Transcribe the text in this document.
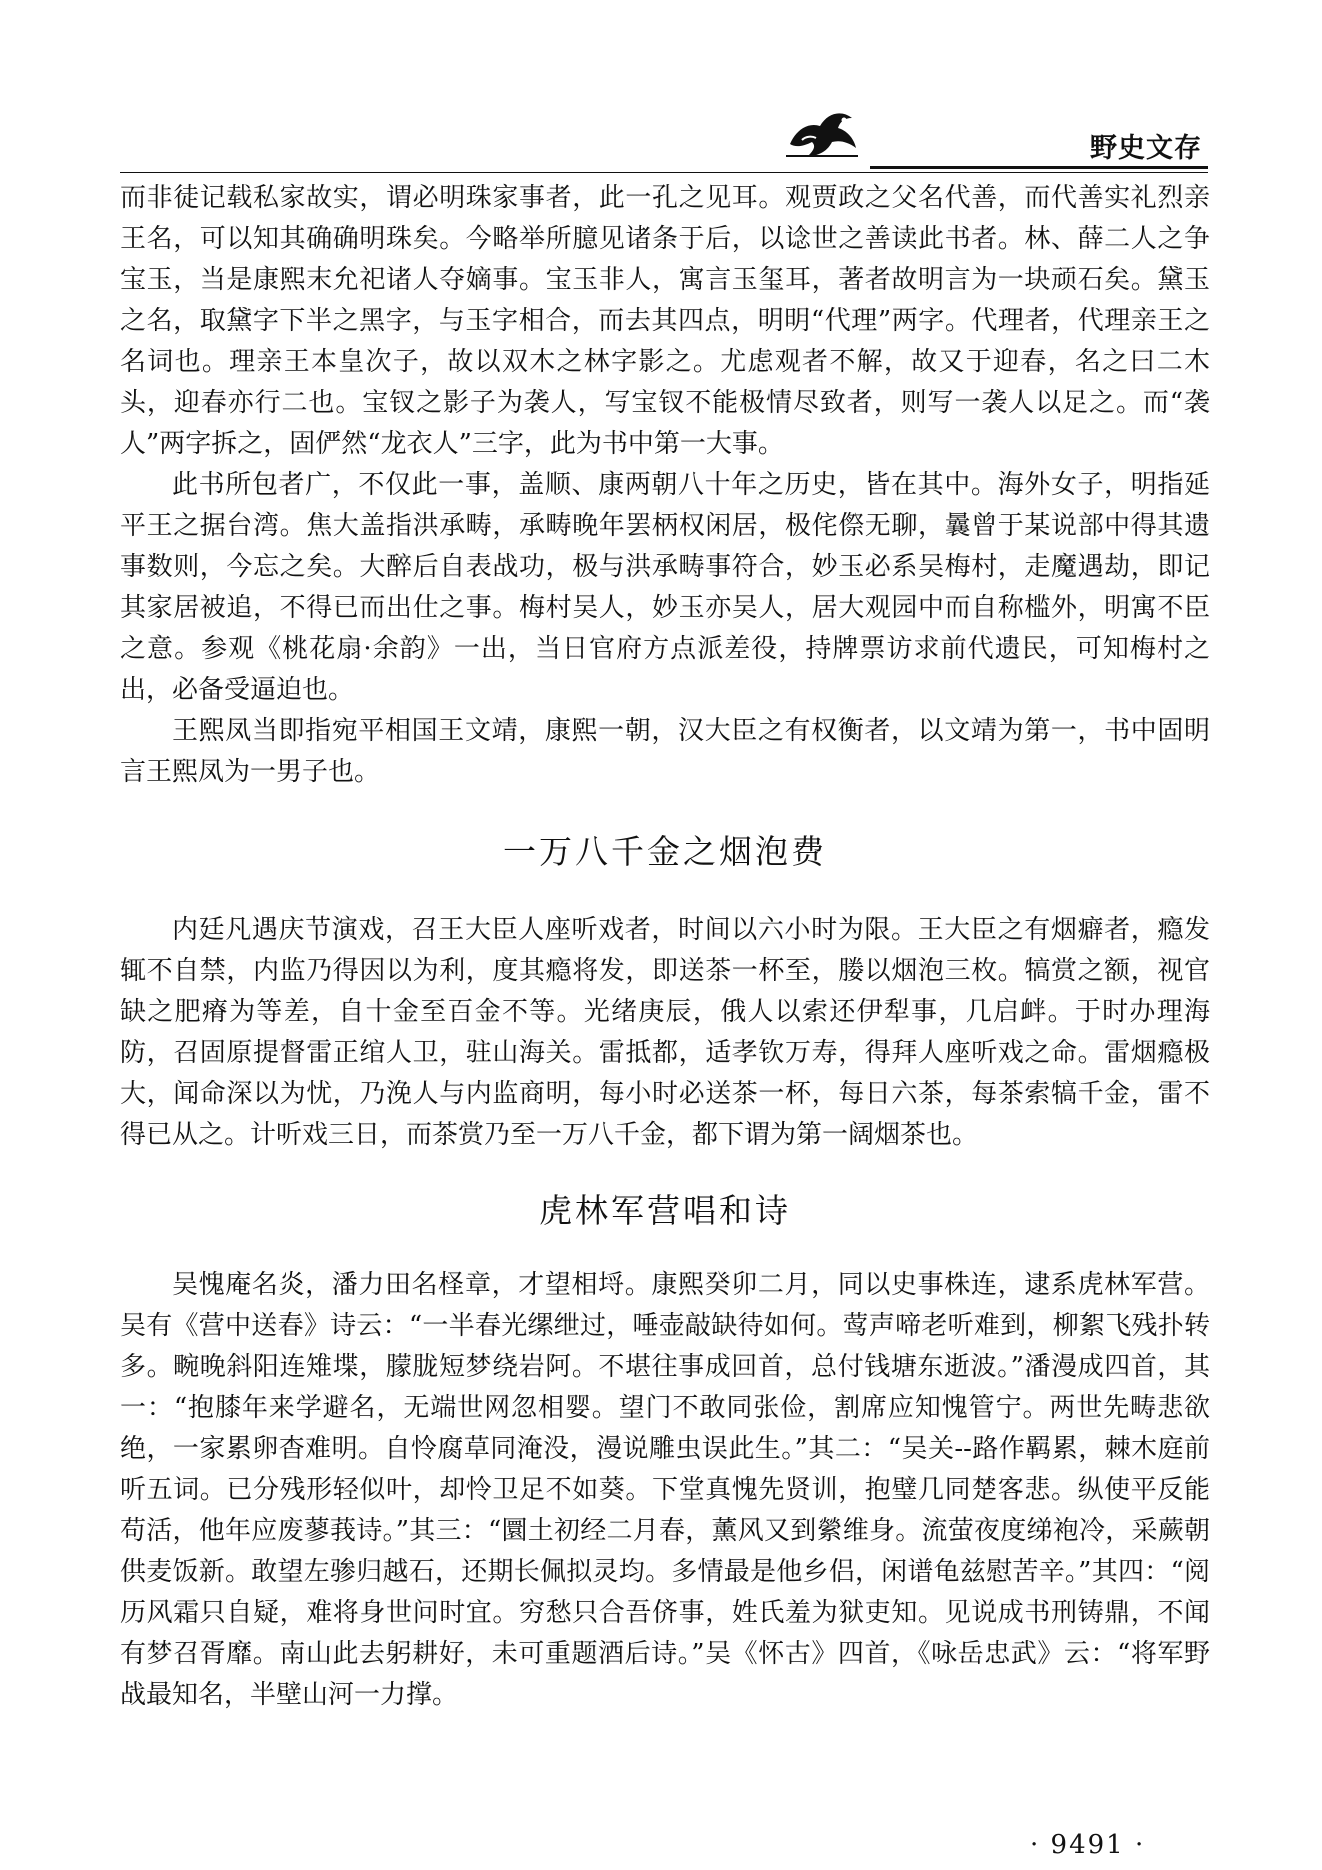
野史文存

而非徒记载私家故实，谓必明珠家事者，此一孔之见耳。观贾政之父名代善，而代善实礼烈亲王名，可以知其确确明珠矣。今略举所臆见诸条于后，以谂世之善读此书者。林、薛二人之争宝玉，当是康熙末允祀诸人夺嫡事。宝玉非人，寓言玉玺耳，著者故明言为一块顽石矣。黛玉之名，取黛字下半之黑字，与玉字相合，而去其四点，明明“代理”两字。代理者，代理亲王之名词也。理亲王本皇次子，故以双木之林字影之。尤虑观者不解，故又于迎春，名之曰二木头，迎春亦行二也。宝钗之影子为袭人，写宝钗不能极情尽致者，则写一袭人以足之。而“袭人”两字拆之，固俨然“龙衣人”三字，此为书中第一大事。

此书所包者广，不仅此一事，盖顺、康两朝八十年之历史，皆在其中。海外女子，明指延平王之据台湾。焦大盖指洪承畴，承畴晚年罢柄权闲居，极侘傺无聊，曩曾于某说部中得其遗事数则，今忘之矣。大醉后自表战功，极与洪承畴事符合，妙玉必系吴梅村，走魔遇劫，即记其家居被追，不得已而出仕之事。梅村吴人，妙玉亦吴人，居大观园中而自称槛外，明寓不臣之意。参观《桃花扇·余韵》一出，当日官府方点派差役，持牌票访求前代遗民，可知梅村之出，必备受逼迫也。

王熙凤当即指宛平相国王文靖，康熙一朝，汉大臣之有权衡者，以文靖为第一，书中固明言王熙凤为一男子也。

一万八千金之烟泡费

内廷凡遇庆节演戏，召王大臣人座听戏者，时间以六小时为限。王大臣之有烟癖者，瘾发辄不自禁，内监乃得因以为利，度其瘾将发，即送茶一杯至，媵以烟泡三枚。犒赏之额，视官缺之肥瘠为等差，自十金至百金不等。光绪庚辰，俄人以索还伊犁事，几启衅。于时办理海防，召固原提督雷正绾人卫，驻山海关。雷抵都，适孝钦万寿，得拜人座听戏之命。雷烟瘾极大，闻命深以为忧，乃浼人与内监商明，每小时必送茶一杯，每日六茶，每茶索犒千金，雷不得已从之。计听戏三日，而茶赏乃至一万八千金，都下谓为第一阔烟茶也。

虎林军营唱和诗

吴愧庵名炎，潘力田名柽章，才望相埒。康熙癸卯二月，同以史事株连，逮系虎林军营。吴有《营中送春》诗云：“一半春光缧绁过，唾壶敲缺待如何。莺声啼老听难到，柳絮飞残扑转多。畹晚斜阳连雉堞，朦胧短梦绕岩阿。不堪往事成回首，总付钱塘东逝波。”潘漫成四首，其一：“抱膝年来学避名，无端世网忽相婴。望门不敢同张俭，割席应知愧管宁。两世先畴悲欲绝，一家累卵杳难明。自怜腐草同淹没，漫说雕虫误此生。”其二：“吴关--路作羁累，棘木庭前听五词。已分残形轻似叶，却怜卫足不如葵。下堂真愧先贤训，抱璧几同楚客悲。纵使平反能苟活，他年应废蓼莪诗。”其三：“圜土初经二月春，薰风又到縈维身。流萤夜度绨袍冷，采蕨朝供麦饭新。敢望左骖归越石，还期长佩拟灵均。多情最是他乡侣，闲谱龟兹慰苦辛。”其四：“阅历风霜只自疑，难将身世问时宜。穷愁只合吾侪事，姓氏羞为狱吏知。见说成书刑铸鼎，不闻有梦召胥靡。南山此去躬耕好，未可重题酒后诗。”吴《怀古》四首，《咏岳忠武》云：“将军野战最知名，半壁山河一力撑。

· 9491 ·
